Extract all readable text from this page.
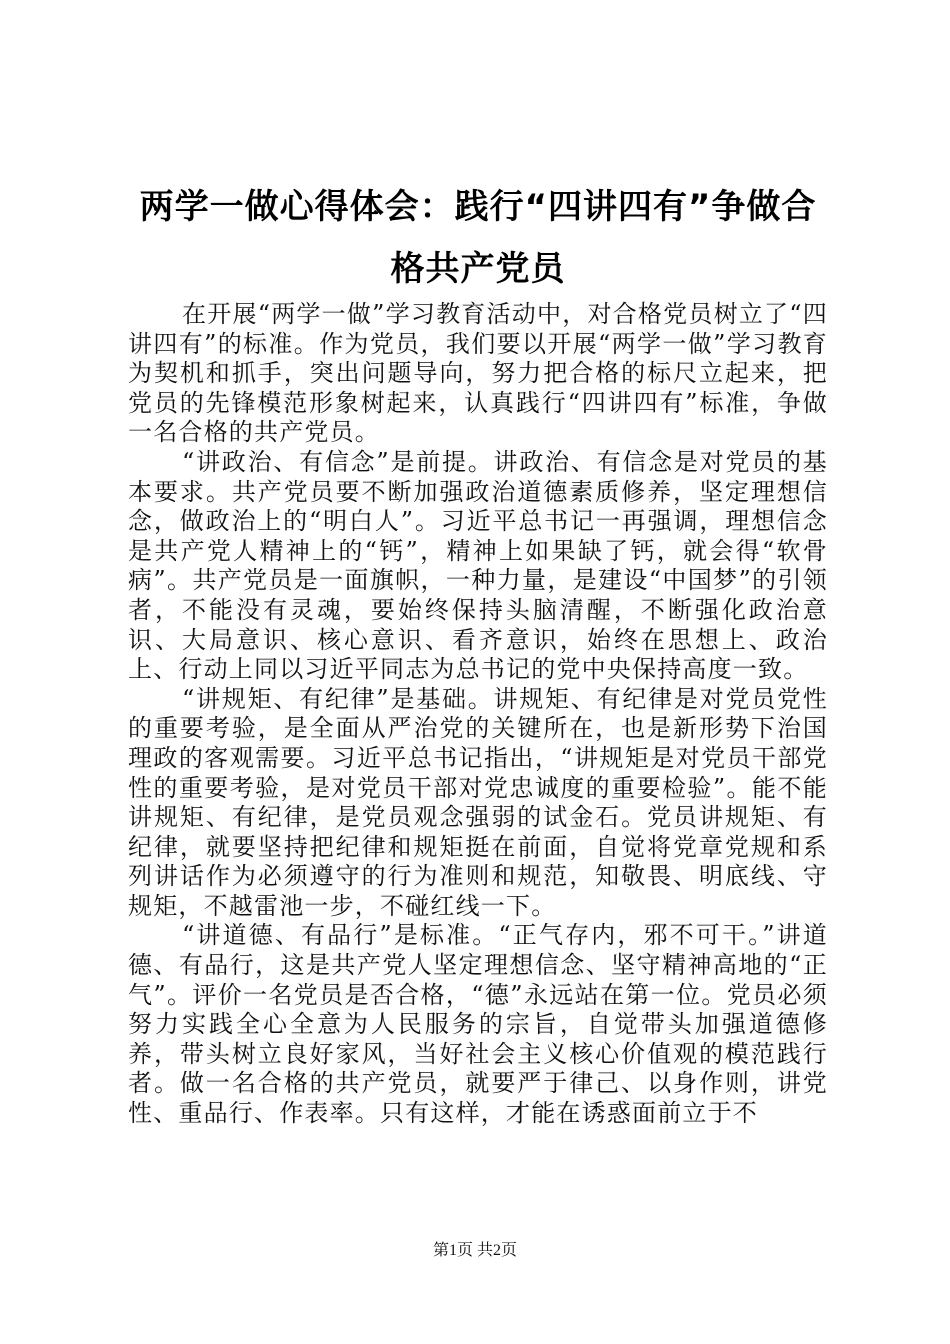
两学一做心得体会：践行“四讲四有”争做合格共产党员

在开展“两学一做”学习教育活动中，对合格党员树立了“四讲四有”的标准。作为党员，我们要以开展“两学一做”学习教育为契机和抓手，突出问题导向，努力把合格的标尺立起来，把党员的先锋模范形象树起来，认真践行“四讲四有”标准，争做一名合格的共产党员。

“讲政治、有信念”是前提。讲政治、有信念是对党员的基本要求。共产党员要不断加强政治道德素质修养，坚定理想信念，做政治上的“明白人”。习近平总书记一再强调，理想信念是共产党人精神上的“钙”，精神上如果缺了钙，就会得“软骨病”。共产党员是一面旗帜，一种力量，是建设“中国梦”的引领者，不能没有灵魂，要始终保持头脑清醒，不断强化政治意识、大局意识、核心意识、看齐意识，始终在思想上、政治上、行动上同以习近平同志为总书记的党中央保持高度一致。

“讲规矩、有纪律”是基础。讲规矩、有纪律是对党员党性的重要考验，是全面从严治党的关键所在，也是新形势下治国理政的客观需要。习近平总书记指出，“讲规矩是对党员干部党性的重要考验，是对党员干部对党忠诚度的重要检验”。能不能讲规矩、有纪律，是党员观念强弱的试金石。党员讲规矩、有纪律，就要坚持把纪律和规矩挺在前面，自觉将党章党规和系列讲话作为必须遵守的行为准则和规范，知敬畏、明底线、守规矩，不越雷池一步，不碰红线一下。

“讲道德、有品行”是标准。“正气存内，邪不可干。”讲道德、有品行，这是共产党人坚定理想信念、坚守精神高地的“正气”。评价一名党员是否合格，“德”永远站在第一位。党员必须努力实践全心全意为人民服务的宗旨，自觉带头加强道德修养，带头树立良好家风，当好社会主义核心价值观的模范践行者。做一名合格的共产党员，就要严于律己、以身作则，讲党性、重品行、作表率。只有这样，才能在诱惑面前立于不

第1页 共2页
